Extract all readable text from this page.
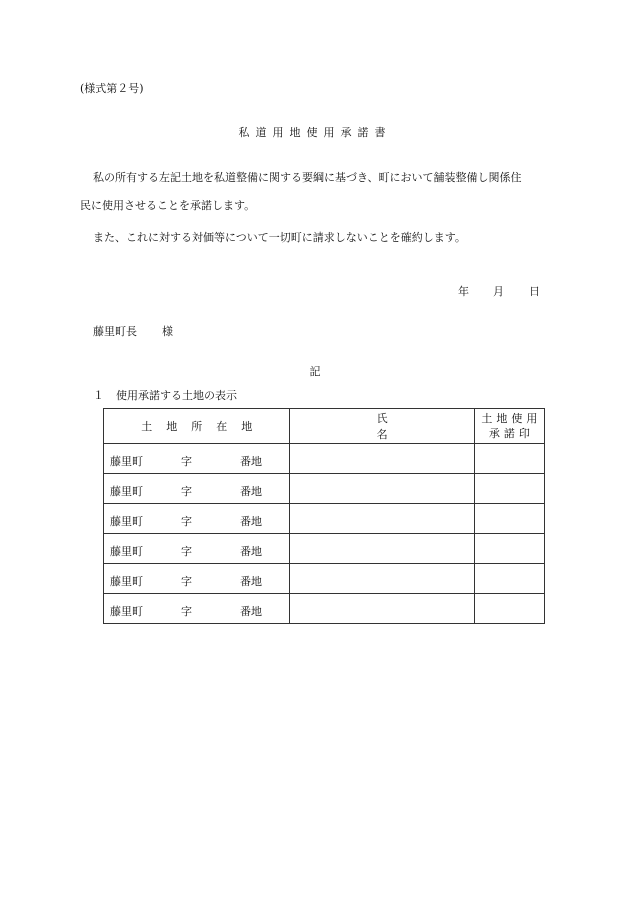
(様式第２号)
私道用地使用承諾書
私の所有する左記土地を私道整備に関する要綱に基づき、町において舗装整備し関係住
民に使用させることを承諾します。
また、これに対する対価等について一切町に請求しないことを確約します。
年 月 日
藤里町長 様
記
１ 使用承諾する土地の表示
土地所在地	氏名	土地使用
承諾印

藤里町 字 番地		

藤里町 字 番地		

藤里町 字 番地		

藤里町 字 番地		

藤里町 字 番地		

藤里町 字 番地		
